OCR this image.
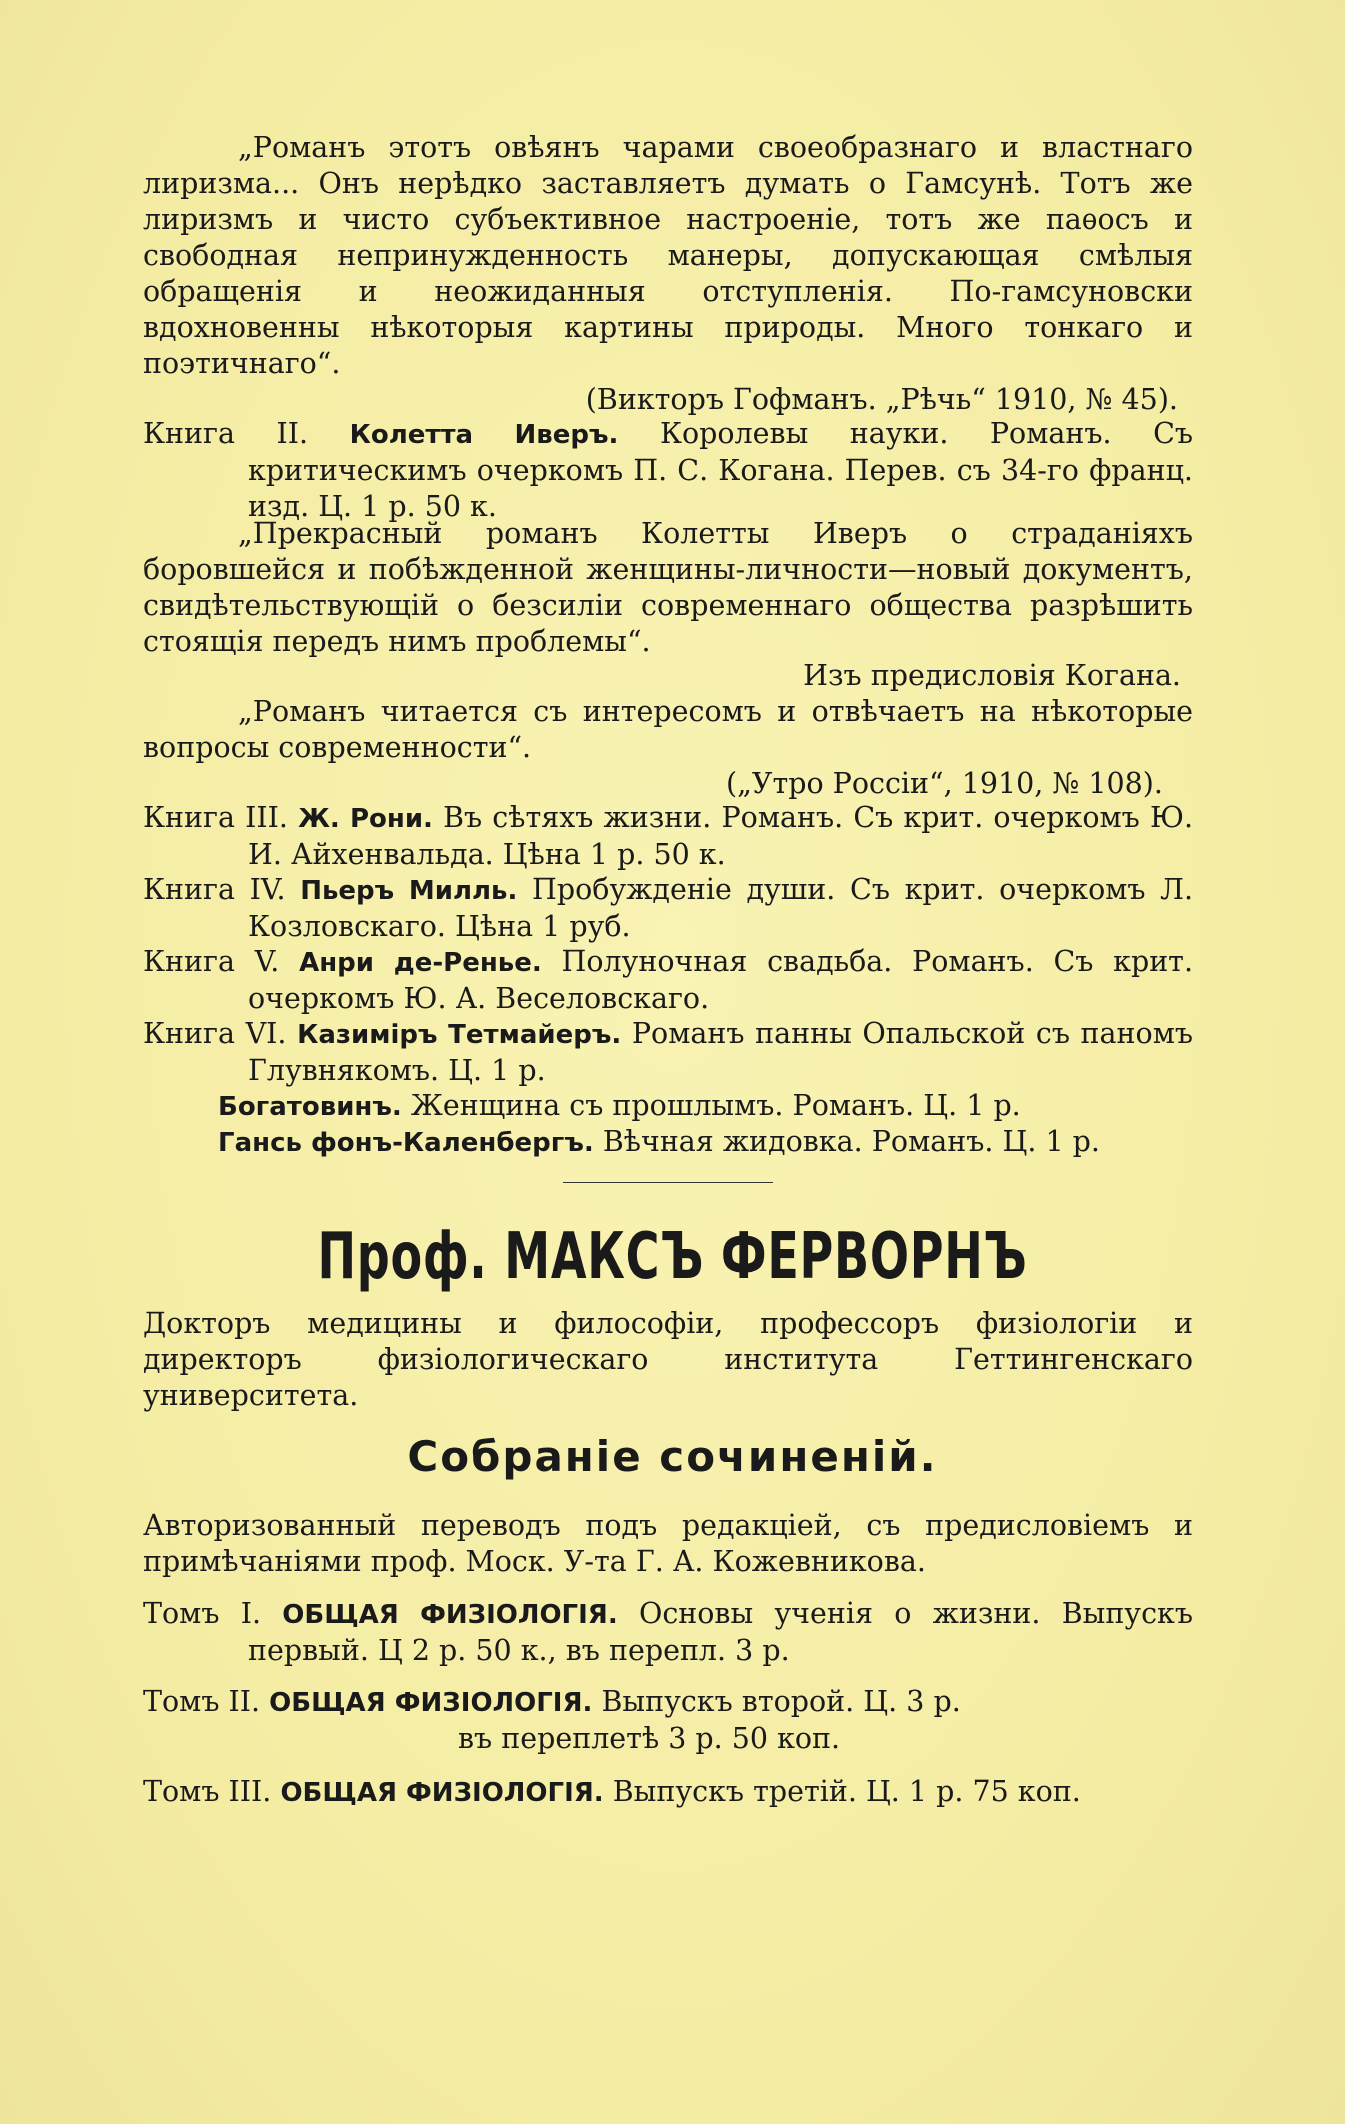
„Романъ этотъ овѣянъ чарами своеобразнаго и властнаго лиризма... Онъ нерѣдко заставляетъ думать о Гамсунѣ. Тотъ же лиризмъ и чисто субъективное настроеніе, тотъ же паѳосъ и свободная непринужденность манеры, допускающая смѣлыя обращенія и неожиданныя отступленія. По-гамсуновски вдохновенны нѣкоторыя картины природы. Много тонкаго и поэтичнаго“.

(Викторъ Гофманъ. „Рѣчь“ 1910, № 45).

Книга II. Колетта Иверъ. Королевы науки. Романъ. Съ критическимъ очеркомъ П. С. Когана. Перев. съ 34-го франц. изд. Ц. 1 р. 50 к.

„Прекрасный романъ Колетты Иверъ о страданіяхъ боровшейся и побѣжденной женщины-личности—новый документъ, свидѣтельствующій о безсиліи современнаго общества разрѣшить стоящія передъ нимъ проблемы“.

Изъ предисловія Когана.

„Романъ читается съ интересомъ и отвѣчаетъ на нѣкоторые вопросы современности“.

(„Утро Россіи“, 1910, № 108).

Книга III. Ж. Рони. Въ сѣтяхъ жизни. Романъ. Съ крит. очеркомъ Ю. И. Айхенвальда. Цѣна 1 р. 50 к.

Книга IV. Пьеръ Милль. Пробужденіе души. Съ крит. очеркомъ Л. Козловскаго. Цѣна 1 руб.

Книга V. Анри де-Ренье. Полуночная свадьба. Романъ. Съ крит. очеркомъ Ю. А. Веселовскаго.

Книга VI. Казиміръ Тетмайеръ. Романъ панны Опальской съ паномъ Глувнякомъ. Ц. 1 р.

Богатовинъ. Женщина съ прошлымъ. Романъ. Ц. 1 р.

Гансь фонъ-Каленбергъ. Вѣчная жидовка. Романъ. Ц. 1 р.

Проф. МАКСЪ ФЕРВОРНЪ

Докторъ медицины и философіи, профессоръ физіологіи и директоръ физіологическаго института Геттингенскаго университета.

Собраніе сочиненій.

Авторизованный переводъ подъ редакціей, съ предисловіемъ и примѣчаніями проф. Моск. У-та Г. А. Кожевникова.

Томъ I. ОБЩАЯ ФИЗІОЛОГІЯ. Основы ученія о жизни. Выпускъ первый. Ц 2 р. 50 к., въ перепл. 3 р.

Томъ II. ОБЩАЯ ФИЗІОЛОГІЯ. Выпускъ второй. Ц. 3 р.

въ переплетѣ 3 р. 50 коп.

Томъ III. ОБЩАЯ ФИЗІОЛОГІЯ. Выпускъ третій. Ц. 1 р. 75 коп.
